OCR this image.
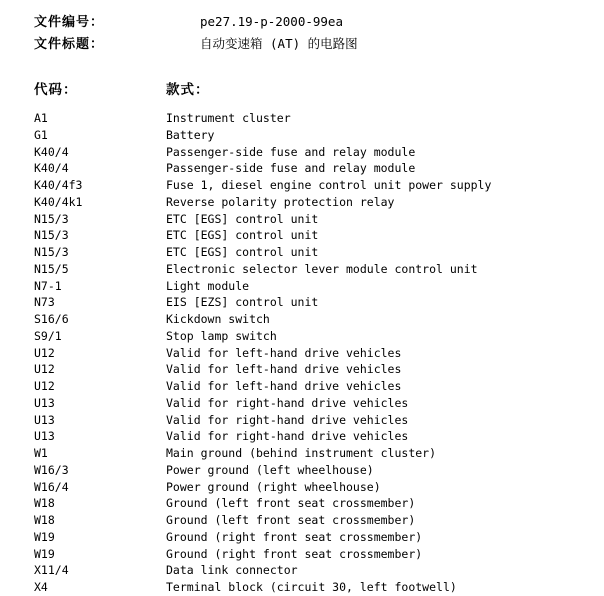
文件编号：	pe27.19-p-2000-99ea
文件标题：	自动变速箱 (AT) 的电路图
代码：	款式：
A1	Instrument cluster
G1	Battery
K40/4	Passenger-side fuse and relay module
K40/4	Passenger-side fuse and relay module
K40/4f3	Fuse 1, diesel engine control unit power supply
K40/4k1	Reverse polarity protection relay
N15/3	ETC [EGS] control unit
N15/3	ETC [EGS] control unit
N15/3	ETC [EGS] control unit
N15/5	Electronic selector lever module control unit
N7-1	Light module
N73	EIS [EZS] control unit
S16/6	Kickdown switch
S9/1	Stop lamp switch
U12	Valid for left-hand drive vehicles
U12	Valid for left-hand drive vehicles
U12	Valid for left-hand drive vehicles
U13	Valid for right-hand drive vehicles
U13	Valid for right-hand drive vehicles
U13	Valid for right-hand drive vehicles
W1	Main ground (behind instrument cluster)
W16/3	Power ground (left wheelhouse)
W16/4	Power ground (right wheelhouse)
W18	Ground (left front seat crossmember)
W18	Ground (left front seat crossmember)
W19	Ground (right front seat crossmember)
W19	Ground (right front seat crossmember)
X11/4	Data link connector
X4	Terminal block (circuit 30, left footwell)
